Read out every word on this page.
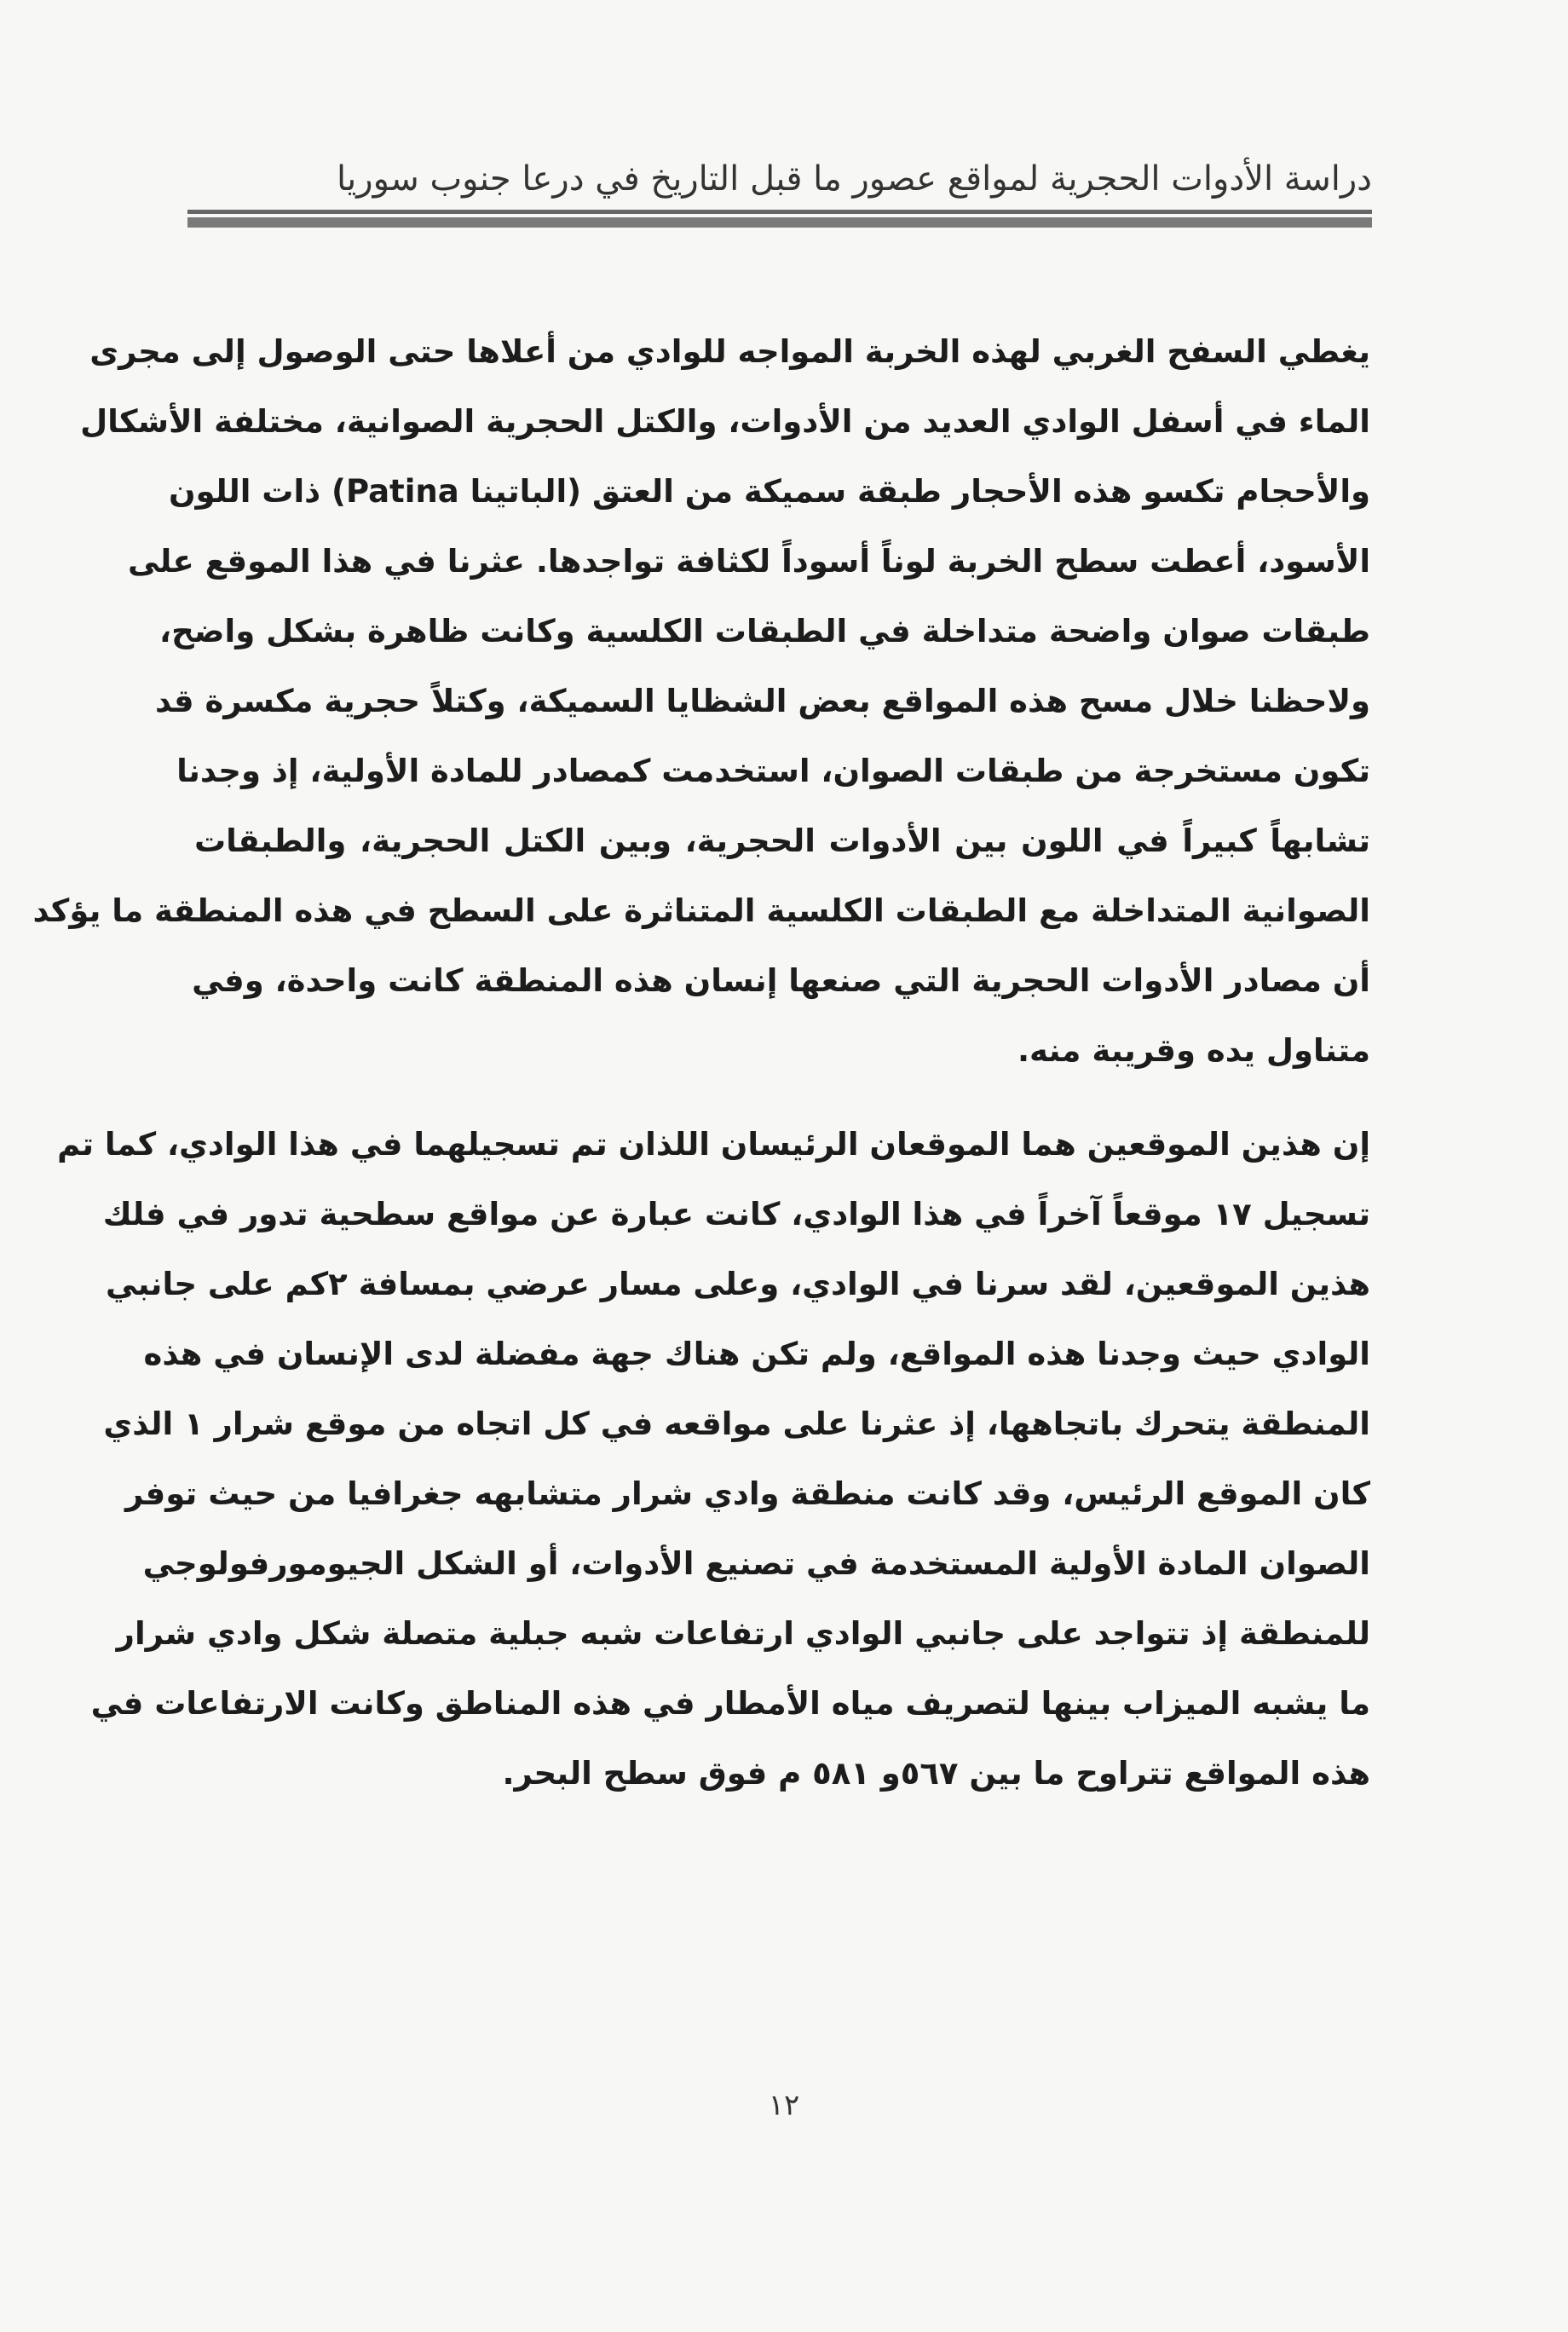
دراسة الأدوات الحجرية لمواقع عصور ما قبل التاريخ في درعا جنوب سوريا
يغطي السفح الغربي لهذه الخربة المواجه للوادي من أعلاها حتى الوصول إلى مجرى
الماء في أسفل الوادي العديد من الأدوات، والكتل الحجرية الصوانية، مختلفة الأشكال
والأحجام تكسو هذه الأحجار طبقة سميكة من العتق (الباتينا Patina) ذات اللون
الأسود، أعطت سطح الخربة لوناً أسوداً لكثافة تواجدها. عثرنا في هذا الموقع على
طبقات صوان واضحة متداخلة في الطبقات الكلسية وكانت ظاهرة بشكل واضح،
ولاحظنا خلال مسح هذه المواقع بعض الشظايا السميكة، وكتلاً حجرية مكسرة قد
تكون مستخرجة من طبقات الصوان، استخدمت كمصادر للمادة الأولية، إذ وجدنا
تشابهاً كبيراً في اللون بين الأدوات الحجرية، وبين الكتل الحجرية، والطبقات
الصوانية المتداخلة مع الطبقات الكلسية المتناثرة على السطح في هذه المنطقة ما يؤكد
أن مصادر الأدوات الحجرية التي صنعها إنسان هذه المنطقة كانت واحدة، وفي
متناول يده وقريبة منه.
إن هذين الموقعين هما الموقعان الرئيسان اللذان تم تسجيلهما في هذا الوادي، كما تم
تسجيل ١٧ موقعاً آخراً في هذا الوادي، كانت عبارة عن مواقع سطحية تدور في فلك
هذين الموقعين، لقد سرنا في الوادي، وعلى مسار عرضي بمسافة ٢كم على جانبي
الوادي حيث وجدنا هذه المواقع، ولم تكن هناك جهة مفضلة لدى الإنسان في هذه
المنطقة يتحرك باتجاهها، إذ عثرنا على مواقعه في كل اتجاه من موقع شرار ١ الذي
كان الموقع الرئيس، وقد كانت منطقة وادي شرار متشابهه جغرافيا من حيث توفر
الصوان المادة الأولية المستخدمة في تصنيع الأدوات، أو الشكل الجيومورفولوجي
للمنطقة إذ تتواجد على جانبي الوادي ارتفاعات شبه جبلية متصلة شكل وادي شرار
ما يشبه الميزاب بينها لتصريف مياه الأمطار في هذه المناطق وكانت الارتفاعات في
هذه المواقع تتراوح ما بين ٥٦٧و ٥٨١ م فوق سطح البحر.
١٢
